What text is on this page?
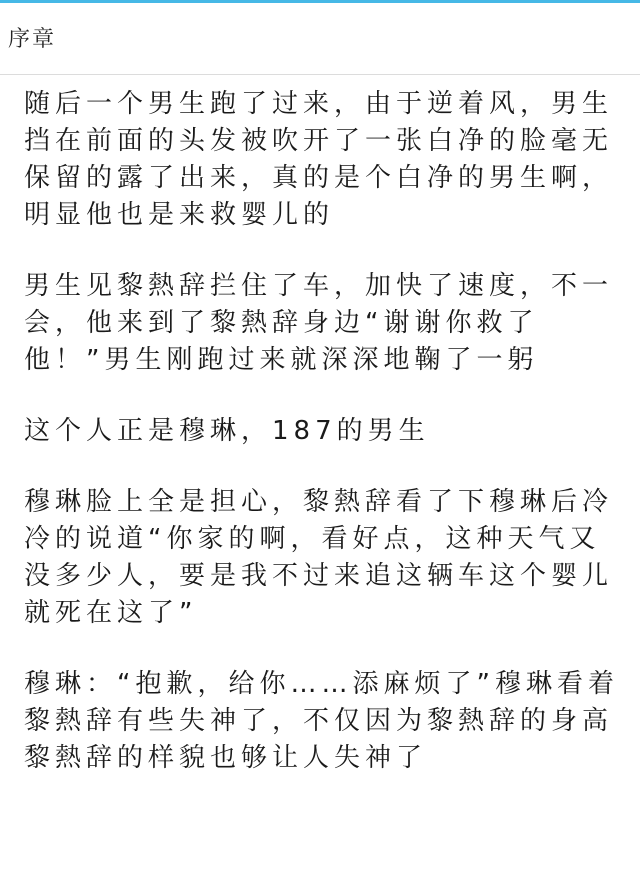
序章

随后一个男生跑了过来，由于逆着风，男生挡在前面的头发被吹开了一张白净的脸毫无保留的露了出来，真的是个白净的男生啊，明显他也是来救婴儿的

男生见黎熱辞拦住了车，加快了速度，不一会，他来到了黎熱辞身边“谢谢你救了他！”男生刚跑过来就深深地鞠了一躬

这个人正是穆琳，187的男生

穆琳脸上全是担心，黎熱辞看了下穆琳后冷冷的说道“你家的啊，看好点，这种天气又没多少人，要是我不过来追这辆车这个婴儿就死在这了”

穆琳：“抱歉，给你……添麻烦了”穆琳看着黎熱辞有些失神了，不仅因为黎熱辞的身高黎熱辞的样貌也够让人失神了
